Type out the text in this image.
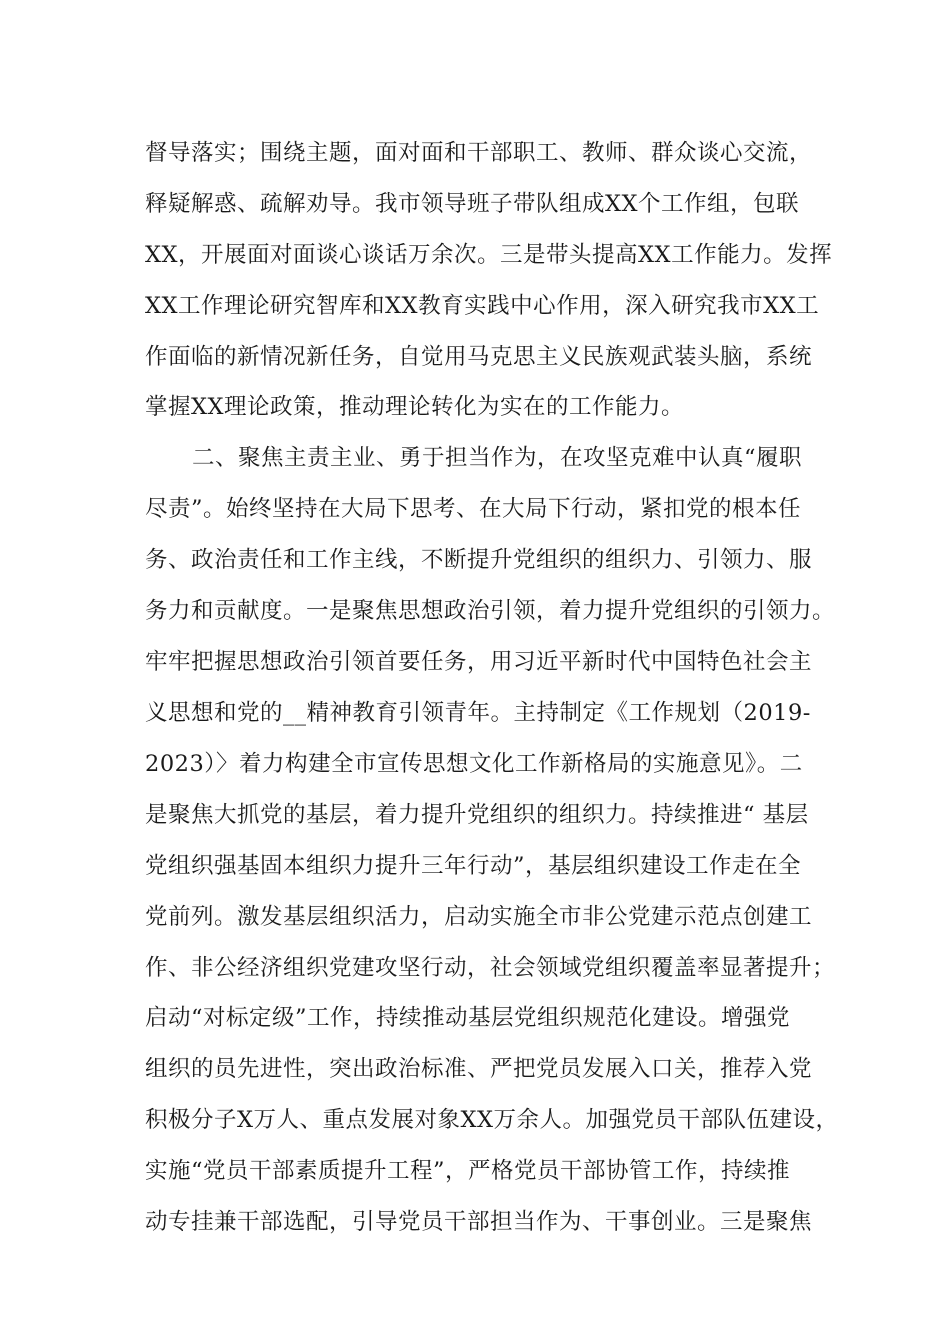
督导落实；围绕主题，面对面和干部职工、教师、群众谈心交流，
释疑解惑、疏解劝导。我市领导班子带队组成XX个工作组，包联
XX，开展面对面谈心谈话万余次。三是带头提高XX工作能力。发挥
XX工作理论研究智库和XX教育实践中心作用，深入研究我市XX工
作面临的新情况新任务，自觉用马克思主义民族观武装头脑，系统
掌握XX理论政策，推动理论转化为实在的工作能力。
二、聚焦主责主业、勇于担当作为，在攻坚克难中认真“履职
尽责”。始终坚持在大局下思考、在大局下行动，紧扣党的根本任
务、政治责任和工作主线，不断提升党组织的组织力、引领力、服
务力和贡献度。一是聚焦思想政治引领，着力提升党组织的引领力。
牢牢把握思想政治引领首要任务，用习近平新时代中国特色社会主
义思想和党的__精神教育引领青年。主持制定《工作规划（2019-
2023）〉着力构建全市宣传思想文化工作新格局的实施意见》。二
是聚焦大抓党的基层，着力提升党组织的组织力。持续推进“ 基层
党组织强基固本组织力提升三年行动”，基层组织建设工作走在全
党前列。激发基层组织活力，启动实施全市非公党建示范点创建工
作、非公经济组织党建攻坚行动，社会领域党组织覆盖率显著提升；
启动“对标定级”工作，持续推动基层党组织规范化建设。增强党
组织的员先进性，突出政治标准、严把党员发展入口关，推荐入党
积极分子X万人、重点发展对象XX万余人。加强党员干部队伍建设，
实施“党员干部素质提升工程”，严格党员干部协管工作，持续推
动专挂兼干部选配，引导党员干部担当作为、干事创业。三是聚焦
